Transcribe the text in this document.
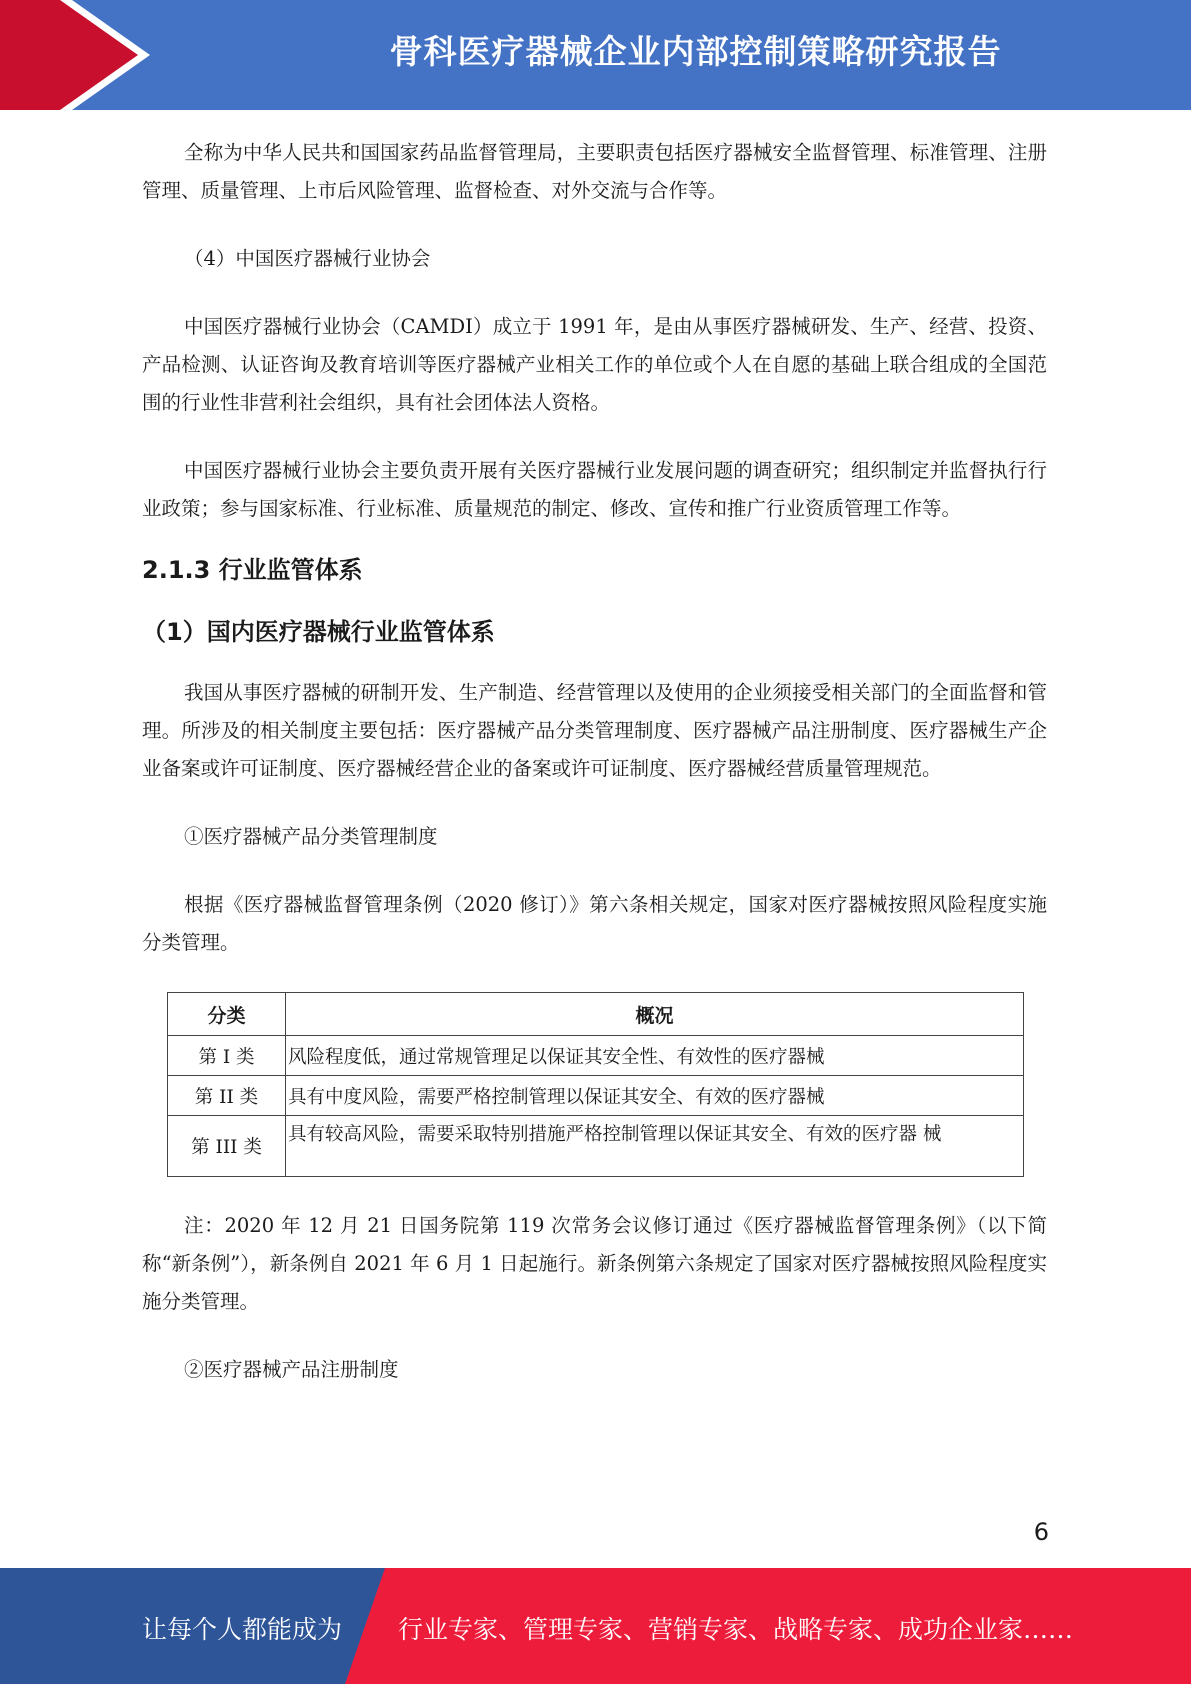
骨科医疗器械企业内部控制策略研究报告

全称为中华人民共和国国家药品监督管理局，主要职责包括医疗器械安全监督管理、标准管理、注册管理、质量管理、上市后风险管理、监督检查、对外交流与合作等。

（4）中国医疗器械行业协会

中国医疗器械行业协会（CAMDI）成立于 1991 年，是由从事医疗器械研发、生产、经营、投资、产品检测、认证咨询及教育培训等医疗器械产业相关工作的单位或个人在自愿的基础上联合组成的全国范围的行业性非营利社会组织，具有社会团体法人资格。

中国医疗器械行业协会主要负责开展有关医疗器械行业发展问题的调查研究；组织制定并监督执行行业政策；参与国家标准、行业标准、质量规范的制定、修改、宣传和推广行业资质管理工作等。

2.1.3 行业监管体系
（1）国内医疗器械行业监管体系

我国从事医疗器械的研制开发、生产制造、经营管理以及使用的企业须接受相关部门的全面监督和管理。所涉及的相关制度主要包括：医疗器械产品分类管理制度、医疗器械产品注册制度、医疗器械生产企业备案或许可证制度、医疗器械经营企业的备案或许可证制度、医疗器械经营质量管理规范。

①医疗器械产品分类管理制度

根据《医疗器械监督管理条例（2020 修订）》第六条相关规定，国家对医疗器械按照风险程度实施分类管理。

分类	概况
第 I 类	风险程度低，通过常规管理足以保证其安全性、有效性的医疗器械
第 II 类	具有中度风险，需要严格控制管理以保证其安全、有效的医疗器械
第 III 类	具有较高风险，需要采取特别措施严格控制管理以保证其安全、有效的医疗器 械

注：2020 年 12 月 21 日国务院第 119 次常务会议修订通过《医疗器械监督管理条例》（以下简称“新条例”），新条例自 2021 年 6 月 1 日起施行。新条例第六条规定了国家对医疗器械按照风险程度实施分类管理。

②医疗器械产品注册制度

6
让每个人都能成为 行业专家、管理专家、营销专家、战略专家、成功企业家……
